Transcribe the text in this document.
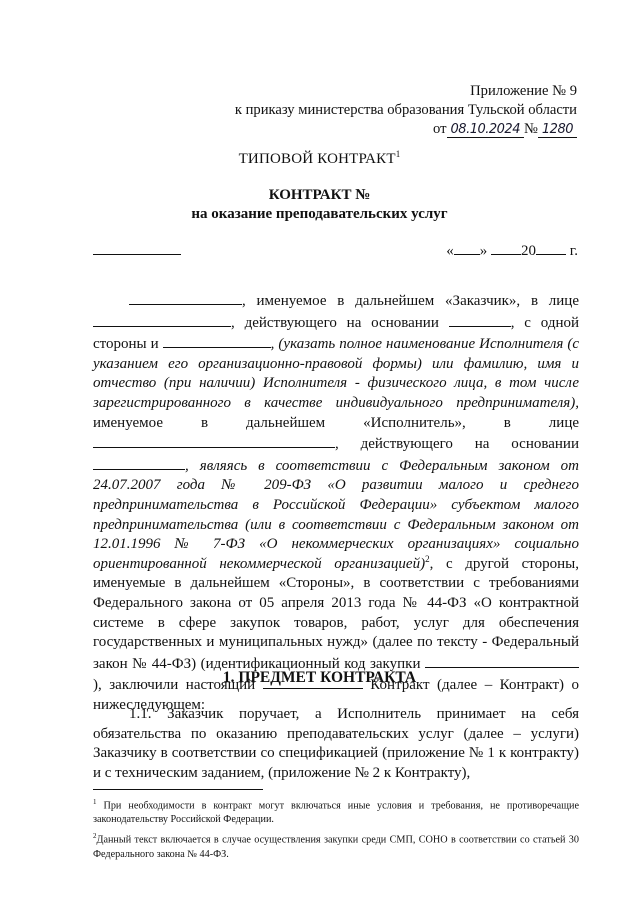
Приложение № 9
к приказу министерства образования Тульской области
от 08.10.2024 № 1280
ТИПОВОЙ КОНТРАКТ$^1$
КОНТРАКТ №
на оказание преподавательских услуг
« » 20 г.
, именуемое в дальнейшем «Заказчик», в лице , действующего на основании	, с одной стороны и	, (указать полное наименование Исполнителя (с указанием его организационно-правовой формы) или фамилию, имя и отчество (при наличии) Исполнителя - физического лица, в том числе зарегистрированного в качестве индивидуального предпринимателя), именуемое в дальнейшем «Исполнитель», в лице , действующего на основании , являясь в соответствии с Федеральным законом от 24.07.2007 года № 209-ФЗ «О развитии малого и среднего предпринимательства в Российской Федерации» субъектом малого предпринимательства (или в соответствии с Федеральным законом от 12.01.1996 № 7-ФЗ «О некоммерческих организациях» социально ориентированной некоммерческой организацией)$^2$, с другой стороны, именуемые в дальнейшем «Стороны», в соответствии с требованиями Федерального закона от 05 апреля 2013 года № 44-ФЗ «О контрактной системе в сфере закупок товаров, работ, услуг для обеспечения государственных и муниципальных нужд» (далее по тексту - Федеральный закон № 44-ФЗ) (идентификационный код закупки ), заключили настоящий	Контракт (далее – Контракт) о нижеследующем:
1. ПРЕДМЕТ КОНТРАКТА
1.1. Заказчик поручает, а Исполнитель принимает на себя обязательства по оказанию преподавательских услуг (далее – услуги) Заказчику в соответствии со спецификацией (приложение № 1 к контракту) и с техническим заданием, (приложение № 2 к Контракту),
$^1$ При необходимости в контракт могут включаться иные условия и требования, не противоречащие законодательству Российской Федерации.
$^2$Данный текст включается в случае осуществления закупки среди СМП, СОНО в соответствии со статьей 30 Федерального закона № 44-ФЗ.
